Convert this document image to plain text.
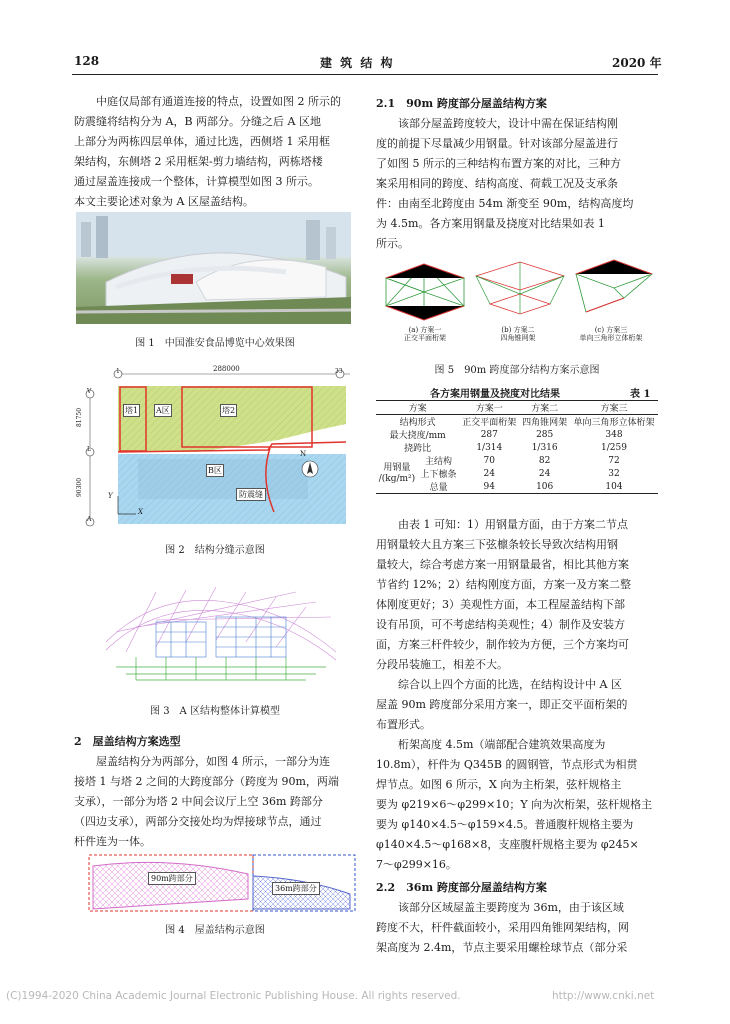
128	建 筑 结 构	2020 年
中庭仅局部有通道连接的特点，设置如图 2 所示的
防震缝将结构分为 A，B 两部分。分缝之后 A 区地
上部分为两栋四层单体，通过比选，西侧塔 1 采用框
架结构，东侧塔 2 采用框架-剪力墙结构，两栋塔楼
通过屋盖连接成一个整体，计算模型如图 3 所示。
本文主要论述对象为 A 区屋盖结构。
图 1　中国淮安食品博览中心效果图
288000
1	33
V
L
A
81750
90300
塔1 A区	塔2
B区
防震缝
N
Y
X
图 2　结构分缝示意图
图 3　A 区结构整体计算模型
2　屋盖结构方案选型
屋盖结构分为两部分，如图 4 所示，一部分为连
接塔 1 与塔 2 之间的大跨度部分（跨度为 90m，两端
支承），一部分为塔 2 中间会议厅上空 36m 跨部分
（四边支承），两部分交接处均为焊接球节点，通过
杆件连为一体。
90m跨部分
36m跨部分
图 4　屋盖结构示意图
2.1　90m 跨度部分屋盖结构方案
该部分屋盖跨度较大，设计中需在保证结构刚
度的前提下尽量减少用钢量。针对该部分屋盖进行
了如图 5 所示的三种结构布置方案的对比，三种方
案采用相同的跨度、结构高度、荷载工况及支承条
件：由南至北跨度由 54m 渐变至 90m，结构高度均
为 4.5m。各方案用钢量及挠度对比结果如表 1
所示。
(a) 方案一
正交平面桁架
(b) 方案二
四角锥网架
(c) 方案三
单向三角形立体桁架
图 5　90m 跨度部分结构方案示意图
各方案用钢量及挠度对比结果	表 1
方案		方案一	方案二	方案三
结构形式		正交平面桁架	四角锥网架	单向三角形立体桁架
最大挠度/mm		287	285	348
挠跨比		1/314	1/316	1/259

用钢量
/(kg/m²)	主结构	70	82	72
	上下檩条	24	24	32
	总量	94	106	104
由表 1 可知：1）用钢量方面，由于方案二节点
用钢量较大且方案三下弦檩条较长导致次结构用钢
量较大，综合考虑方案一用钢量最省，相比其他方案
节省约 12%；2）结构刚度方面，方案一及方案二整
体刚度更好；3）美观性方面，本工程屋盖结构下部
设有吊顶，可不考虑结构美观性；4）制作及安装方
面，方案三杆件较少，制作较为方便，三个方案均可
分段吊装施工，相差不大。
综合以上四个方面的比选，在结构设计中 A 区
屋盖 90m 跨度部分采用方案一，即正交平面桁架的
布置形式。
桁架高度 4.5m（端部配合建筑效果高度为
10.8m），杆件为 Q345B 的圆钢管，节点形式为相贯
焊节点。如图 6 所示，X 向为主桁架，弦杆规格主
要为 φ219×6～φ299×10；Y 向为次桁架，弦杆规格主
要为 φ140×4.5～φ159×4.5。普通腹杆规格主要为
φ140×4.5～φ168×8，支座腹杆规格主要为 φ245×
7～φ299×16。
2.2　36m 跨度部分屋盖结构方案
该部分区域屋盖主要跨度为 36m，由于该区域
跨度不大，杆件截面较小，采用四角锥网架结构，网
架高度为 2.4m，节点主要采用螺栓球节点（部分采
(C)1994-2020 China Academic Journal Electronic Publishing House. All rights reserved.	http://www.cnki.net
